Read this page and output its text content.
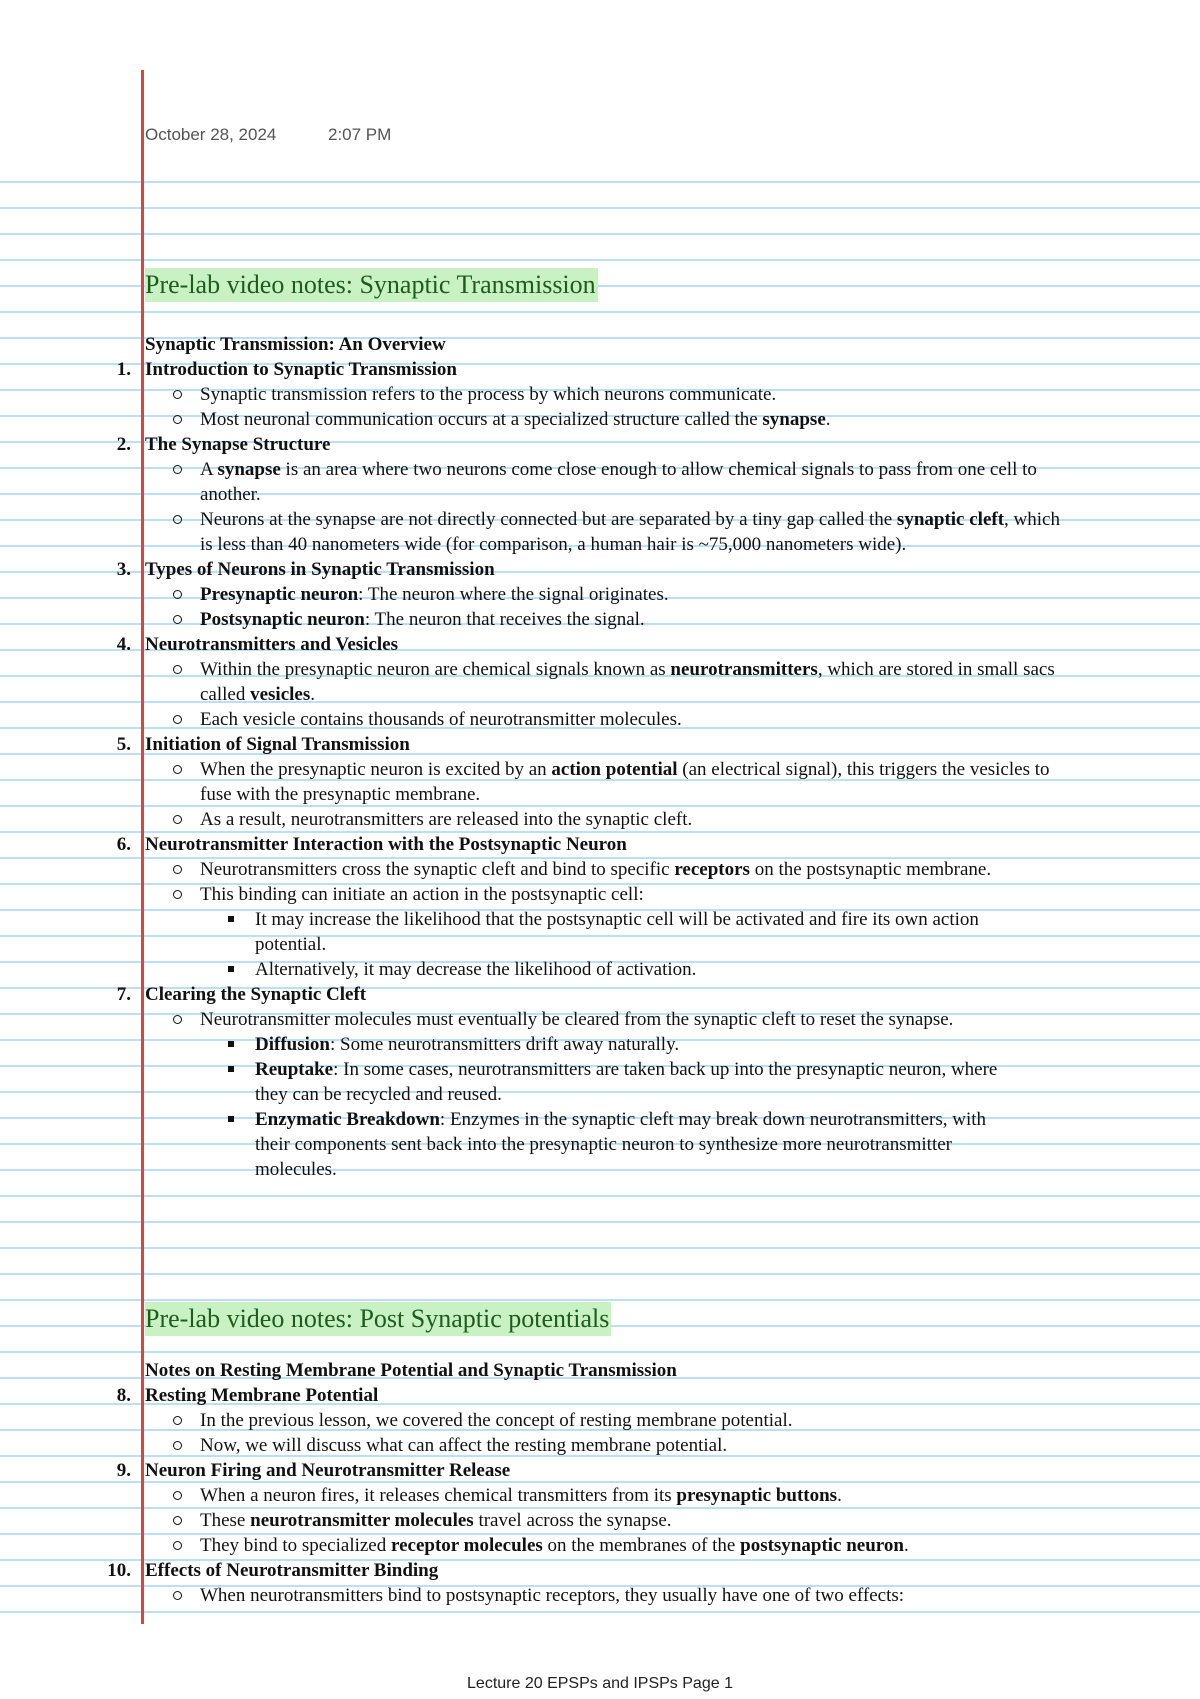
October 28, 2024	2:07 PM
Pre-lab video notes: Synaptic Transmission
Synaptic Transmission: An Overview
1. Introduction to Synaptic Transmission
Synaptic transmission refers to the process by which neurons communicate.
Most neuronal communication occurs at a specialized structure called the synapse.
2. The Synapse Structure
A synapse is an area where two neurons come close enough to allow chemical signals to pass from one cell to another.
Neurons at the synapse are not directly connected but are separated by a tiny gap called the synaptic cleft, which is less than 40 nanometers wide (for comparison, a human hair is ~75,000 nanometers wide).
3. Types of Neurons in Synaptic Transmission
Presynaptic neuron: The neuron where the signal originates.
Postsynaptic neuron: The neuron that receives the signal.
4. Neurotransmitters and Vesicles
Within the presynaptic neuron are chemical signals known as neurotransmitters, which are stored in small sacs called vesicles.
Each vesicle contains thousands of neurotransmitter molecules.
5. Initiation of Signal Transmission
When the presynaptic neuron is excited by an action potential (an electrical signal), this triggers the vesicles to fuse with the presynaptic membrane.
As a result, neurotransmitters are released into the synaptic cleft.
6. Neurotransmitter Interaction with the Postsynaptic Neuron
Neurotransmitters cross the synaptic cleft and bind to specific receptors on the postsynaptic membrane.
This binding can initiate an action in the postsynaptic cell:
It may increase the likelihood that the postsynaptic cell will be activated and fire its own action potential.
Alternatively, it may decrease the likelihood of activation.
7. Clearing the Synaptic Cleft
Neurotransmitter molecules must eventually be cleared from the synaptic cleft to reset the synapse.
Diffusion: Some neurotransmitters drift away naturally.
Reuptake: In some cases, neurotransmitters are taken back up into the presynaptic neuron, where they can be recycled and reused.
Enzymatic Breakdown: Enzymes in the synaptic cleft may break down neurotransmitters, with their components sent back into the presynaptic neuron to synthesize more neurotransmitter molecules.
Pre-lab video notes: Post Synaptic potentials
Notes on Resting Membrane Potential and Synaptic Transmission
8. Resting Membrane Potential
In the previous lesson, we covered the concept of resting membrane potential.
Now, we will discuss what can affect the resting membrane potential.
9. Neuron Firing and Neurotransmitter Release
When a neuron fires, it releases chemical transmitters from its presynaptic buttons.
These neurotransmitter molecules travel across the synapse.
They bind to specialized receptor molecules on the membranes of the postsynaptic neuron.
10. Effects of Neurotransmitter Binding
When neurotransmitters bind to postsynaptic receptors, they usually have one of two effects:
Lecture 20 EPSPs and IPSPs Page 1
